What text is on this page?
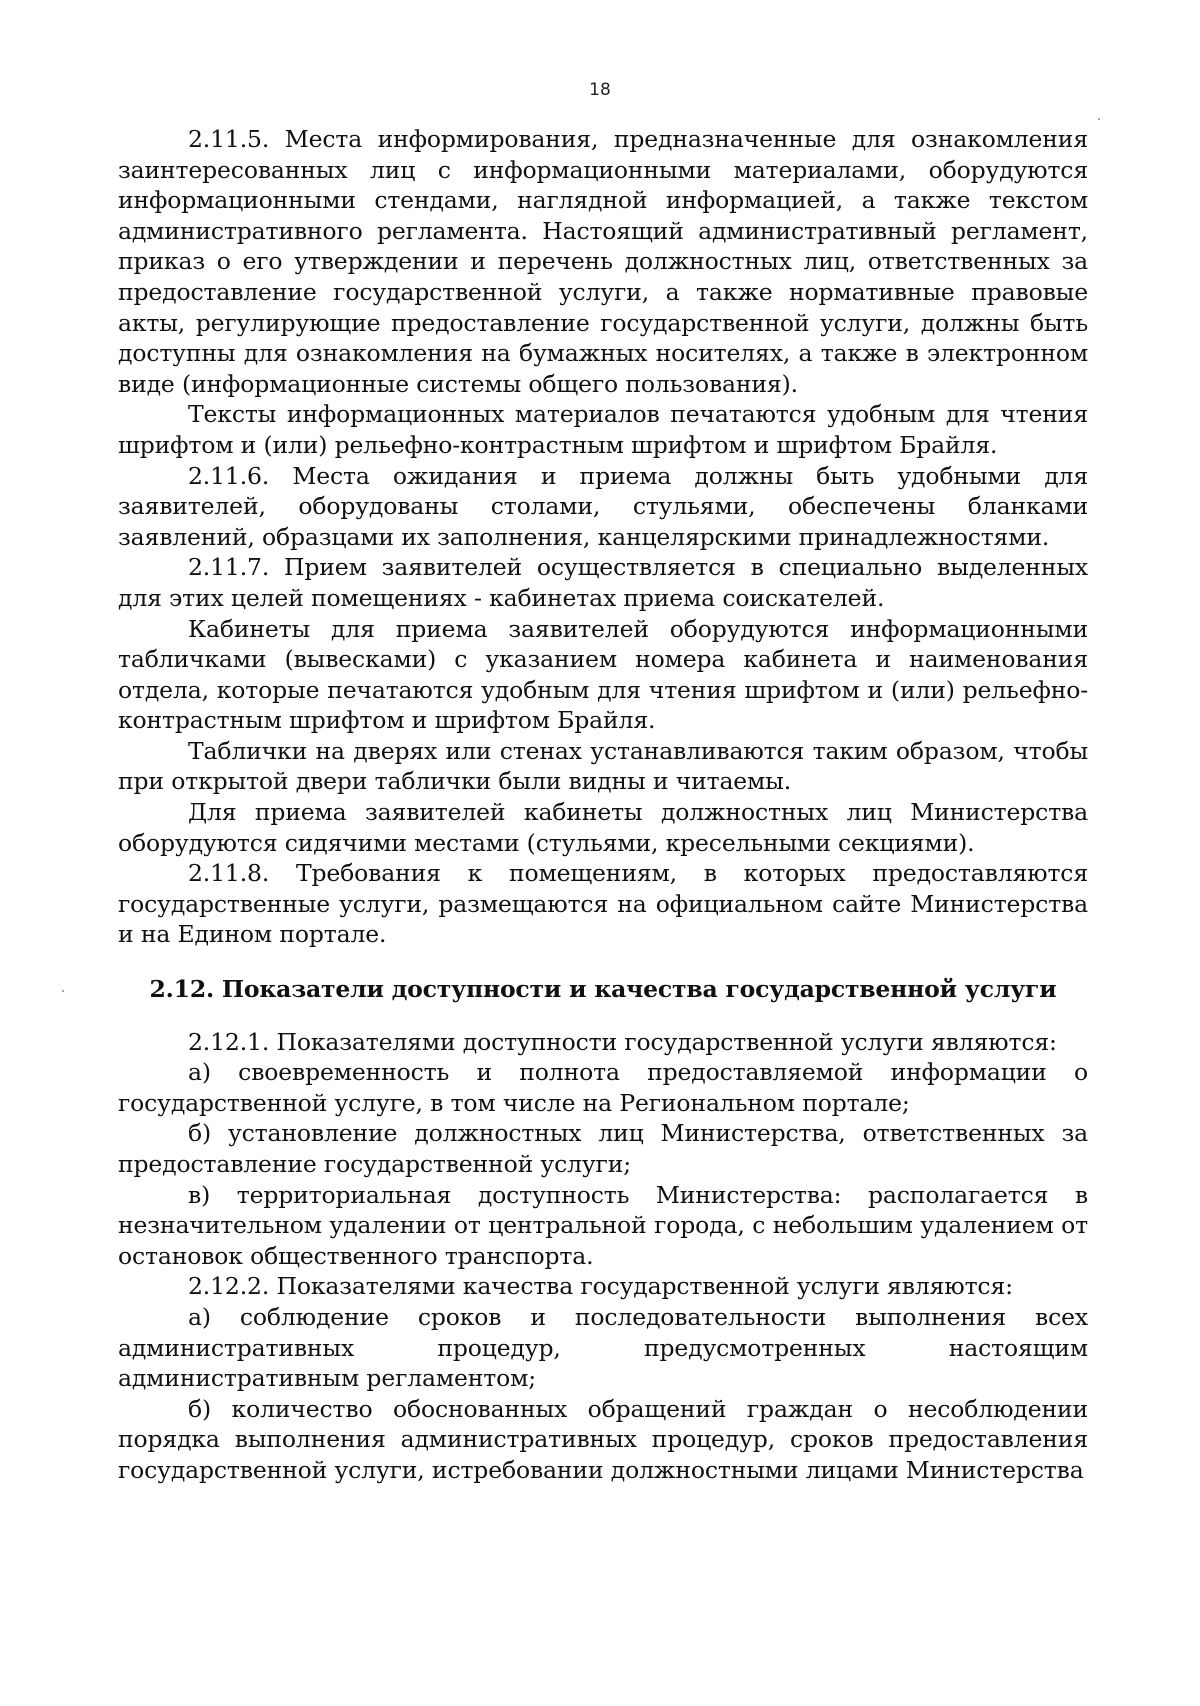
18

2.11.5. Места информирования, предназначенные для ознакомления заинтересованных лиц с информационными материалами, оборудуются информационными стендами, наглядной информацией, а также текстом административного регламента. Настоящий административный регламент, приказ о его утверждении и перечень должностных лиц, ответственных за предоставление государственной услуги, а также нормативные правовые акты, регулирующие предоставление государственной услуги, должны быть доступны для ознакомления на бумажных носителях, а также в электронном виде (информационные системы общего пользования).

Тексты информационных материалов печатаются удобным для чтения шрифтом и (или) рельефно-контрастным шрифтом и шрифтом Брайля.

2.11.6. Места ожидания и приема должны быть удобными для заявителей, оборудованы столами, стульями, обеспечены бланками заявлений, образцами их заполнения, канцелярскими принадлежностями.

2.11.7. Прием заявителей осуществляется в специально выделенных для этих целей помещениях - кабинетах приема соискателей.

Кабинеты для приема заявителей оборудуются информационными табличками (вывесками) с указанием номера кабинета и наименования отдела, которые печатаются удобным для чтения шрифтом и (или) рельефно-контрастным шрифтом и шрифтом Брайля.

Таблички на дверях или стенах устанавливаются таким образом, чтобы при открытой двери таблички были видны и читаемы.

Для приема заявителей кабинеты должностных лиц Министерства оборудуются сидячими местами (стульями, кресельными секциями).

2.11.8. Требования к помещениям, в которых предоставляются государственные услуги, размещаются на официальном сайте Министерства и на Едином портале.

2.12. Показатели доступности и качества государственной услуги

2.12.1. Показателями доступности государственной услуги являются:

а) своевременность и полнота предоставляемой информации о государственной услуге, в том числе на Региональном портале;

б) установление должностных лиц Министерства, ответственных за предоставление государственной услуги;

в) территориальная доступность Министерства: располагается в незначительном удалении от центральной города, с небольшим удалением от остановок общественного транспорта.

2.12.2. Показателями качества государственной услуги являются:

а) соблюдение сроков и последовательности выполнения всех административных процедур, предусмотренных настоящим административным регламентом;

б) количество обоснованных обращений граждан о несоблюдении порядка выполнения административных процедур, сроков предоставления государственной услуги, истребовании должностными лицами Министерства
